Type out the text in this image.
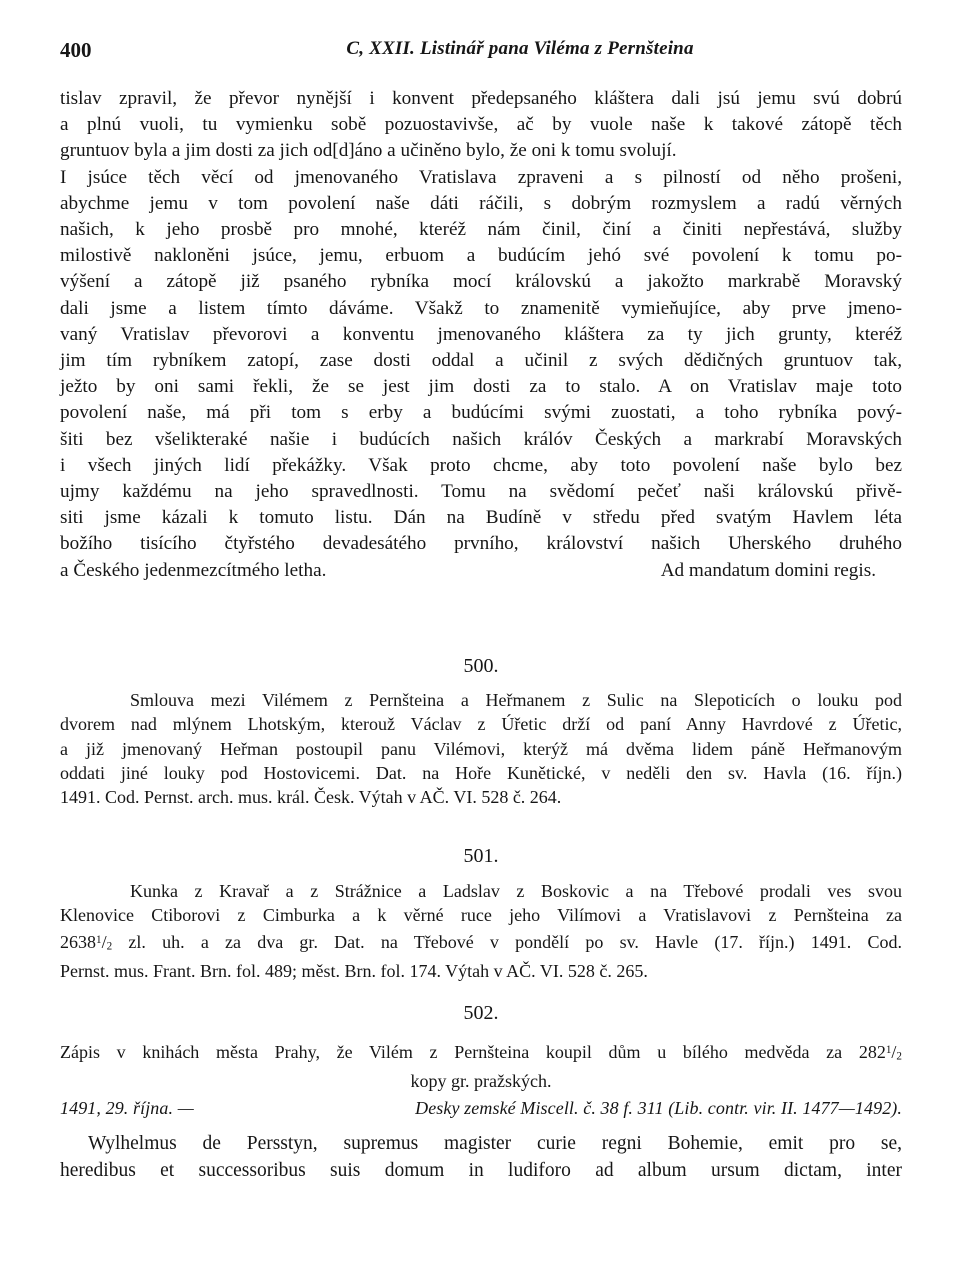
400	C, XXII. Listinář pana Viléma z Pernšteina
tislav zpravil, že převor nynější i konvent předepsaného kláštera dali jsú jemu svú dobrú
a plnú vuoli, tu vymienku sobě pozuostavivše, ač by vuole naše k takové zátopě těch
gruntuov byla a jim dosti za jich od[d]áno a učiněno bylo, že oni k tomu svolují.
I jsúce těch věcí od jmenovaného Vratislava zpraveni a s pilností od něho prošeni,
abychme jemu v tom povolení naše dáti ráčili, s dobrým rozmyslem a radú věrných
našich, k jeho prosbě pro mnohé, kteréž nám činil, činí a činiti nepřestává, služby
milostivě nakloněni jsúce, jemu, erbuom a budúcím jehó své povolení k tomu po-
výšení a zátopě již psaného rybníka mocí královskú a jakožto markrabě Moravský
dali jsme a listem tímto dáváme. Všakž to znamenitě vymieňujíce, aby prve jmeno-
vaný Vratislav převorovi a konventu jmenovaného kláštera za ty jich grunty, kteréž
jim tím rybníkem zatopí, zase dosti oddal a učinil z svých dědičných gruntuov tak,
ježto by oni sami řekli, že se jest jim dosti za to stalo. A on Vratislav maje toto
povolení naše, má při tom s erby a budúcími svými zuostati, a toho rybníka pový-
šiti bez všelikteraké našie i budúcích našich králóv Českých a markrabí Moravských
i všech jiných lidí překážky. Však proto chcme, aby toto povolení naše bylo bez
ujmy každému na jeho spravedlnosti. Tomu na svědomí pečeť naši královskú přivě-
siti jsme kázali k tomuto listu. Dán na Budíně v středu před svatým Havlem léta
božího tisícího čtyřstého devadesátého prvního, království našich Uherského druhého
a Českého jedenmezcítmého letha.	Ad mandatum domini regis.
500.
Smlouva mezi Vilémem z Pernšteina a Heřmanem z Sulic na Slepoticích o louku pod
dvorem nad mlýnem Lhotským, kterouž Václav z Úřetic drží od paní Anny Havrdové z Úřetic,
a již jmenovaný Heřman postoupil panu Vilémovi, kterýž má dvěma lidem páně Heřmanovým
oddati jiné louky pod Hostovicemi. Dat. na Hoře Kunětické, v neděli den sv. Havla (16. říjn.)
1491. Cod. Pernst. arch. mus. král. Česk. Výtah v AČ. VI. 528 č. 264.
501.
Kunka z Kravař a z Strážnice a Ladslav z Boskovic a na Třebové prodali ves svou
Klenovice Ctiborovi z Cimburka a k věrné ruce jeho Vilímovi a Vratislavovi z Pernšteina za
2638$^1$/2 zl. uh. a za dva gr. Dat. na Třebové v pondělí po sv. Havle (17. říjn.) 1491. Cod.
Pernst. mus. Frant. Brn. fol. 489; měst. Brn. fol. 174. Výtah v AČ. VI. 528 č. 265.
502.
Zápis v knihách města Prahy, že Vilém z Pernšteina koupil dům u bílého medvěda za $282^1/2$
kopy gr. pražských.
1491, 29. října. —	Desky zemské Miscell. č. 38 f. 311 (Lib. contr. vir. II. 1477—1492).
Wylhelmus de Persstyn, supremus magister curie regni Bohemie, emit pro se,
heredibus et successoribus suis domum in ludiforo ad album ursum dictam, inter
